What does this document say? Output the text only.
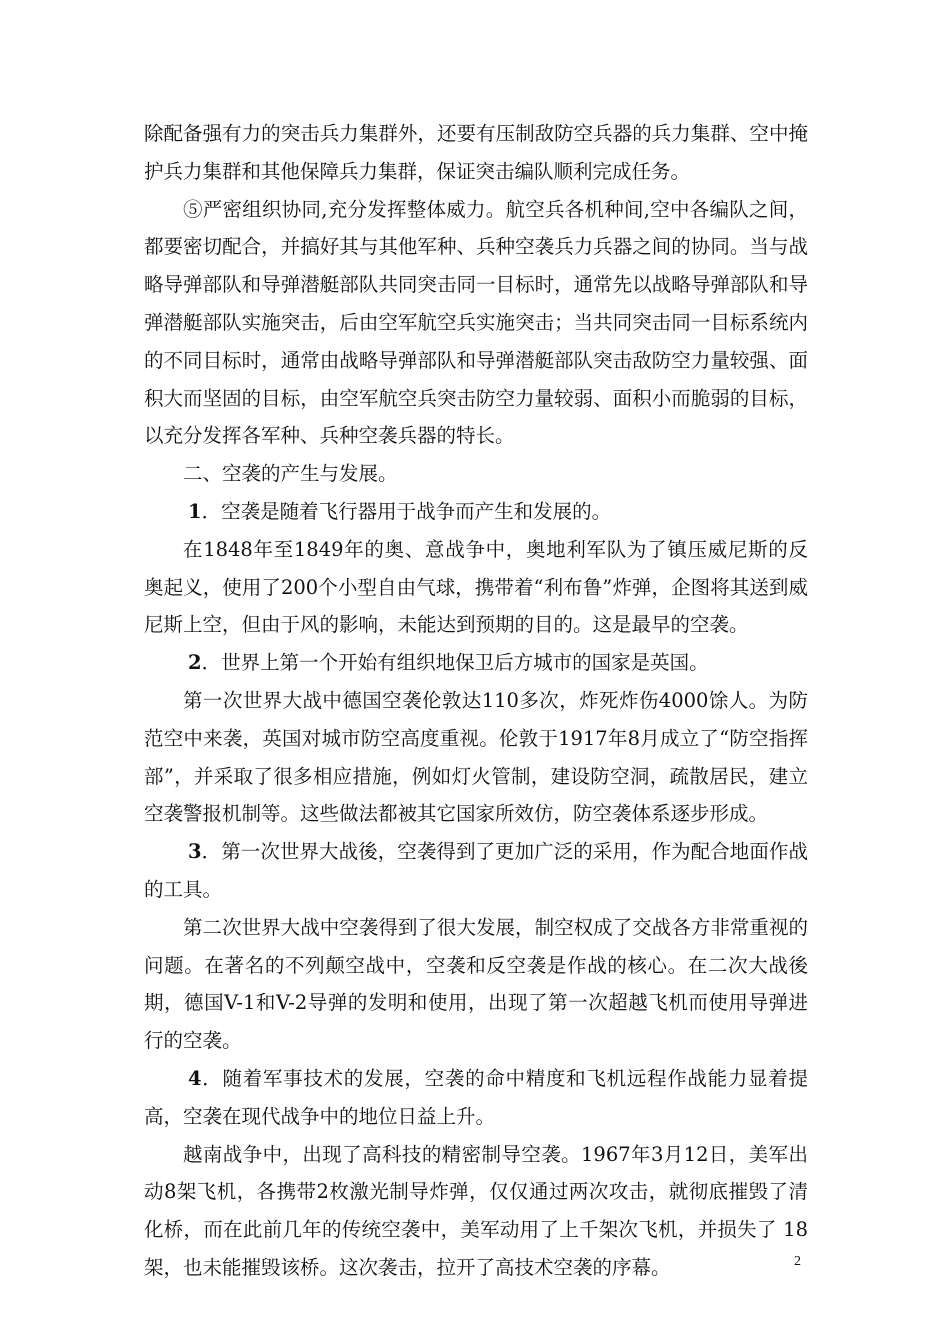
除配备强有力的突击兵力集群外，还要有压制敌防空兵器的兵力集群、空中掩护兵力集群和其他保障兵力集群，保证突击编队顺利完成任务。

⑤严密组织协同,充分发挥整体威力。航空兵各机种间,空中各编队之间，都要密切配合，并搞好其与其他军种、兵种空袭兵力兵器之间的协同。当与战略导弹部队和导弹潜艇部队共同突击同一目标时，通常先以战略导弹部队和导弹潜艇部队实施突击，后由空军航空兵实施突击；当共同突击同一目标系统内的不同目标时，通常由战略导弹部队和导弹潜艇部队突击敌防空力量较强、面积大而坚固的目标，由空军航空兵突击防空力量较弱、面积小而脆弱的目标，以充分发挥各军种、兵种空袭兵器的特长。

二、空袭的产生与发展。

1．空袭是随着飞行器用于战争而产生和发展的。

在1848年至1849年的奥、意战争中，奥地利军队为了镇压威尼斯的反奥起义，使用了200个小型自由气球，携带着“利布鲁”炸弹，企图将其送到威尼斯上空，但由于风的影响，未能达到预期的目的。这是最早的空袭。

2．世界上第一个开始有组织地保卫后方城市的国家是英国。

第一次世界大战中德国空袭伦敦达110多次，炸死炸伤4000馀人。为防范空中来袭，英国对城市防空高度重视。伦敦于1917年8月成立了“防空指挥部”，并采取了很多相应措施，例如灯火管制，建设防空洞，疏散居民，建立空袭警报机制等。这些做法都被其它国家所效仿，防空袭体系逐步形成。

3．第一次世界大战後，空袭得到了更加广泛的采用，作为配合地面作战的工具。

第二次世界大战中空袭得到了很大发展，制空权成了交战各方非常重视的问题。在著名的不列颠空战中，空袭和反空袭是作战的核心。在二次大战後期，德国V-1和V-2导弹的发明和使用，出现了第一次超越飞机而使用导弹进行的空袭。

4．随着军事技术的发展，空袭的命中精度和飞机远程作战能力显着提高，空袭在现代战争中的地位日益上升。

越南战争中，出现了高科技的精密制导空袭。1967年3月12日，美军出动8架飞机，各携带2枚激光制导炸弹，仅仅通过两次攻击，就彻底摧毁了清化桥，而在此前几年的传统空袭中，美军动用了上千架次飞机，并损失了 18架，也未能摧毁该桥。这次袭击，拉开了高技术空袭的序幕。	2
